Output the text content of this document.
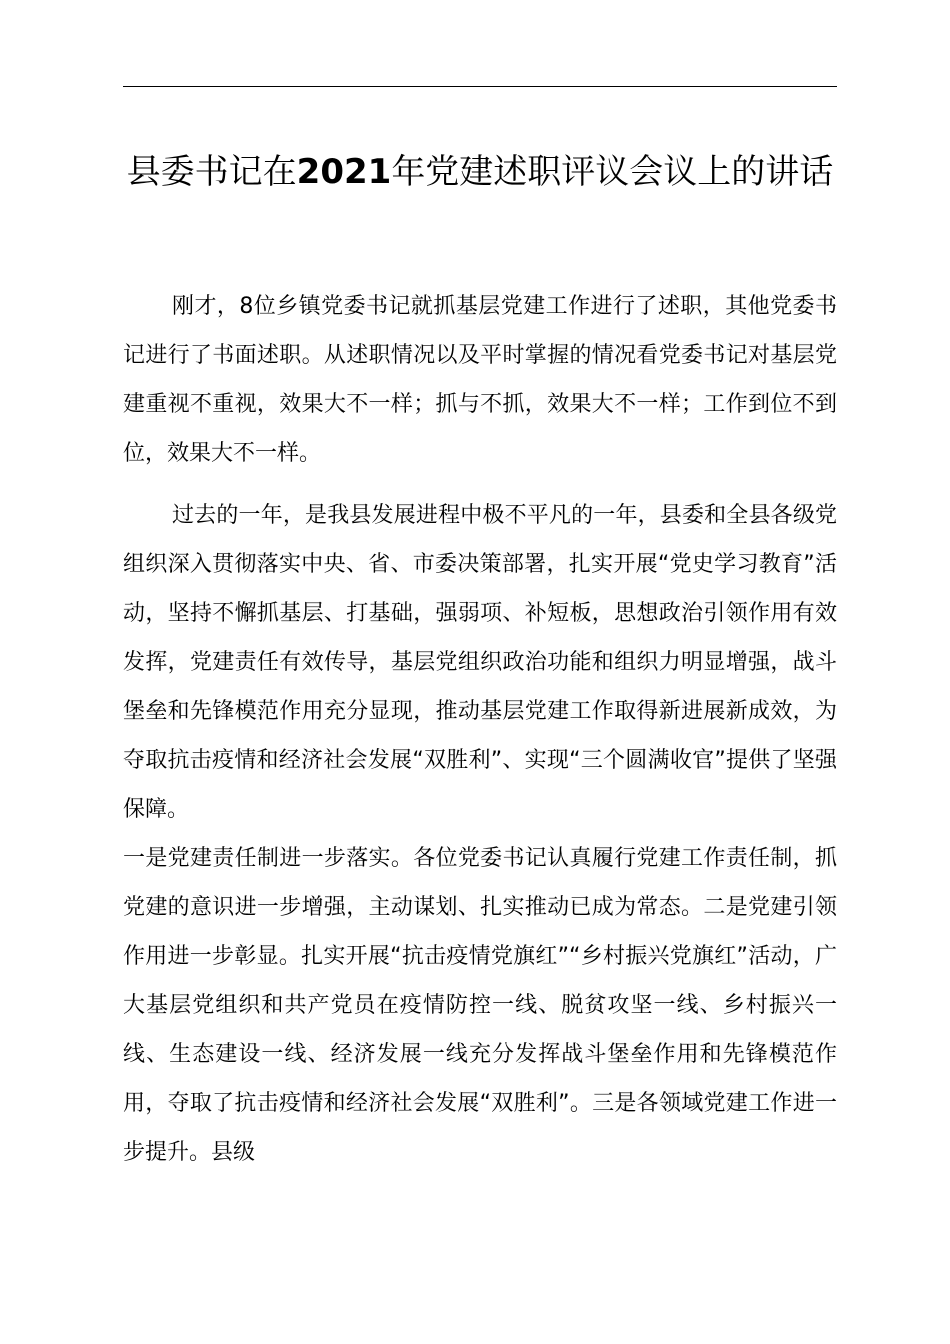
县委书记在2021年党建述职评议会议上的讲话

刚才，8位乡镇党委书记就抓基层党建工作进行了述职，其他党委书记进行了书面述职。从述职情况以及平时掌握的情况看党委书记对基层党建重视不重视，效果大不一样；抓与不抓，效果大不一样；工作到位不到位，效果大不一样。

过去的一年，是我县发展进程中极不平凡的一年，县委和全县各级党组织深入贯彻落实中央、省、市委决策部署，扎实开展“党史学习教育”活动，坚持不懈抓基层、打基础，强弱项、补短板，思想政治引领作用有效发挥，党建责任有效传导，基层党组织政治功能和组织力明显增强，战斗堡垒和先锋模范作用充分显现，推动基层党建工作取得新进展新成效，为夺取抗击疫情和经济社会发展“双胜利”、实现“三个圆满收官”提供了坚强保障。

一是党建责任制进一步落实。各位党委书记认真履行党建工作责任制，抓党建的意识进一步增强，主动谋划、扎实推动已成为常态。二是党建引领作用进一步彰显。扎实开展“抗击疫情党旗红”“乡村振兴党旗红”活动，广大基层党组织和共产党员在疫情防控一线、脱贫攻坚一线、乡村振兴一线、生态建设一线、经济发展一线充分发挥战斗堡垒作用和先锋模范作用，夺取了抗击疫情和经济社会发展“双胜利”。三是各领域党建工作进一步提升。县级
